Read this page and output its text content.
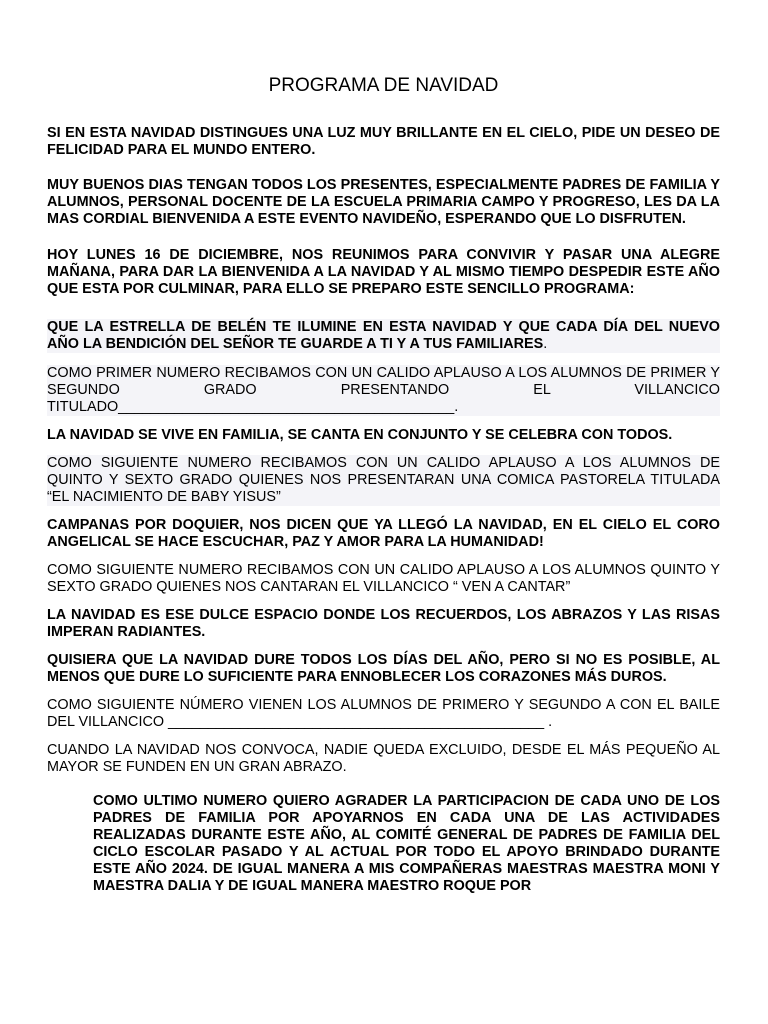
PROGRAMA DE NAVIDAD

SI EN ESTA NAVIDAD DISTINGUES UNA LUZ MUY BRILLANTE EN EL CIELO, PIDE UN DESEO DE FELICIDAD PARA EL MUNDO ENTERO.

MUY BUENOS DIAS TENGAN TODOS LOS PRESENTES, ESPECIALMENTE PADRES DE FAMILIA Y ALUMNOS, PERSONAL DOCENTE DE LA ESCUELA PRIMARIA CAMPO Y PROGRESO, LES DA LA MAS CORDIAL BIENVENIDA A ESTE EVENTO NAVIDEÑO, ESPERANDO QUE LO DISFRUTEN.

HOY LUNES 16 DE DICIEMBRE, NOS REUNIMOS PARA CONVIVIR Y PASAR UNA ALEGRE MAÑANA, PARA DAR LA BIENVENIDA A LA NAVIDAD Y AL MISMO TIEMPO DESPEDIR ESTE AÑO QUE ESTA POR CULMINAR, PARA ELLO SE PREPARO ESTE SENCILLO PROGRAMA:

QUE LA ESTRELLA DE BELÉN TE ILUMINE EN ESTA NAVIDAD Y QUE CADA DÍA DEL NUEVO AÑO LA BENDICIÓN DEL SEÑOR TE GUARDE A TI Y A TUS FAMILIARES.

COMO PRIMER NUMERO RECIBAMOS CON UN CALIDO APLAUSO A LOS ALUMNOS DE PRIMER Y SEGUNDO GRADO PRESENTANDO EL VILLANCICO TITULADO__________________________________________.

LA NAVIDAD SE VIVE EN FAMILIA, SE CANTA EN CONJUNTO Y SE CELEBRA CON TODOS.

COMO SIGUIENTE NUMERO RECIBAMOS CON UN CALIDO APLAUSO A LOS ALUMNOS DE QUINTO Y SEXTO GRADO QUIENES NOS PRESENTARAN UNA COMICA PASTORELA TITULADA “EL NACIMIENTO DE BABY YISUS”

CAMPANAS POR DOQUIER, NOS DICEN QUE YA LLEGÓ LA NAVIDAD, EN EL CIELO EL CORO ANGELICAL SE HACE ESCUCHAR, PAZ Y AMOR PARA LA HUMANIDAD!

COMO SIGUIENTE NUMERO RECIBAMOS CON UN CALIDO APLAUSO A LOS ALUMNOS QUINTO Y SEXTO GRADO QUIENES NOS CANTARAN EL VILLANCICO “ VEN A CANTAR”

LA NAVIDAD ES ESE DULCE ESPACIO DONDE LOS RECUERDOS, LOS ABRAZOS Y LAS RISAS IMPERAN RADIANTES.

QUISIERA QUE LA NAVIDAD DURE TODOS LOS DÍAS DEL AÑO, PERO SI NO ES POSIBLE, AL MENOS QUE DURE LO SUFICIENTE PARA ENNOBLECER LOS CORAZONES MÁS DUROS.

COMO SIGUIENTE NÚMERO VIENEN LOS ALUMNOS DE PRIMERO Y SEGUNDO A CON EL BAILE DEL VILLANCICO _______________________________________________ .

CUANDO LA NAVIDAD NOS CONVOCA, NADIE QUEDA EXCLUIDO, DESDE EL MÁS PEQUEÑO AL MAYOR SE FUNDEN EN UN GRAN ABRAZO.

COMO ULTIMO NUMERO QUIERO AGRADER LA PARTICIPACION DE CADA UNO DE LOS PADRES DE FAMILIA POR APOYARNOS EN CADA UNA DE LAS ACTIVIDADES REALIZADAS DURANTE ESTE AÑO, AL COMITÉ GENERAL DE PADRES DE FAMILIA DEL CICLO ESCOLAR PASADO Y AL ACTUAL POR TODO EL APOYO BRINDADO DURANTE ESTE AÑO 2024. DE IGUAL MANERA A MIS COMPAÑERAS MAESTRAS MAESTRA MONI Y MAESTRA DALIA Y DE IGUAL MANERA MAESTRO ROQUE POR
